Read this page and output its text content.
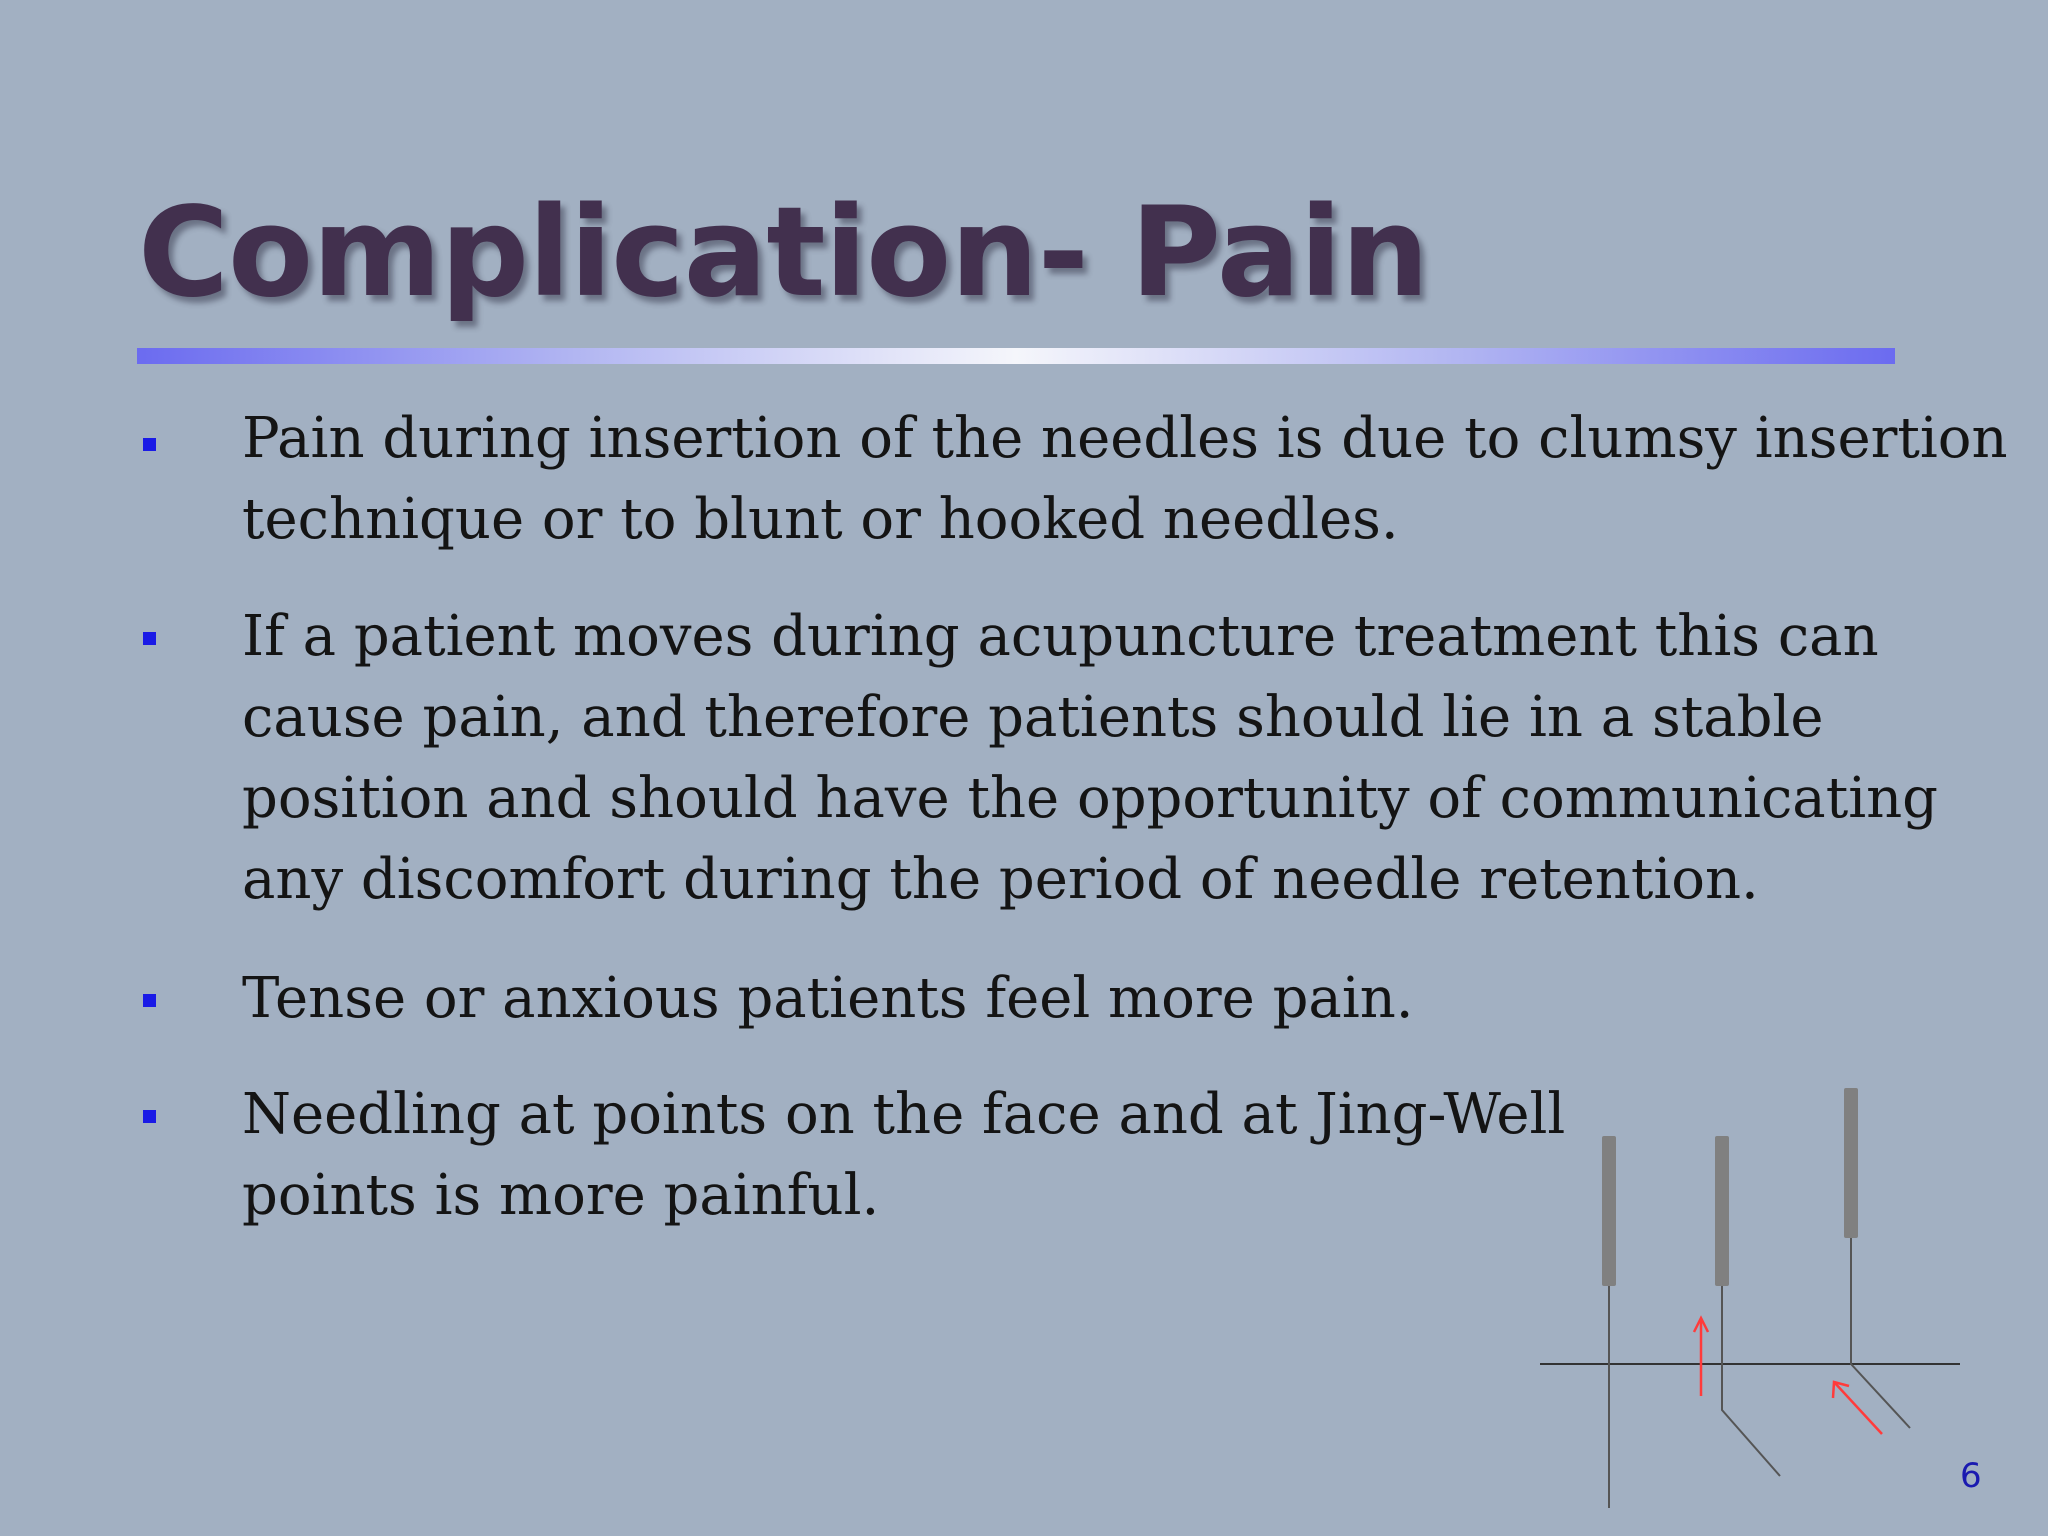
Complication- Pain
Pain during insertion of the needles is due to clumsy insertion
technique or to blunt or hooked needles.
If a patient moves during acupuncture treatment this can
cause pain, and therefore patients should lie in a stable
position and should have the opportunity of communicating
any discomfort during the period of needle retention.
Tense or anxious patients feel more pain.
Needling at points on the face and at Jing-Well
points is more painful.
6
